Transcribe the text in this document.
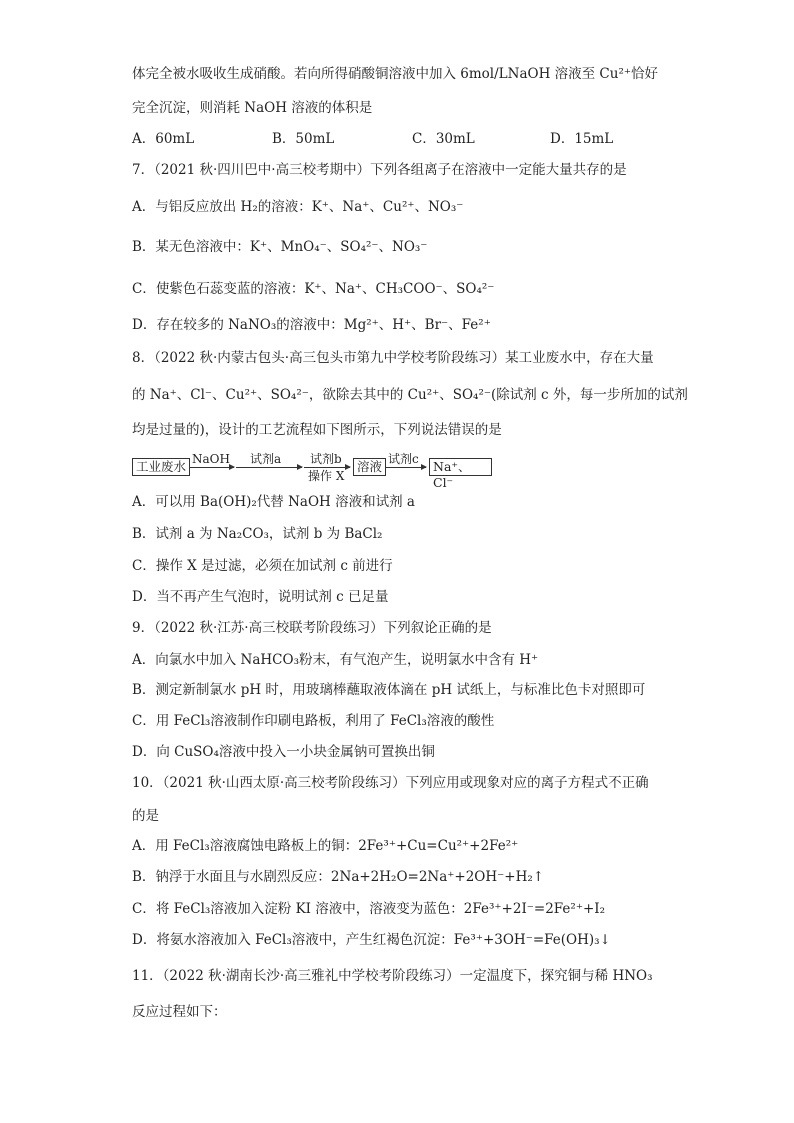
体完全被水吸收生成硝酸。若向所得硝酸铜溶液中加入 6mol/LNaOH 溶液至 Cu²⁺恰好
完全沉淀，则消耗 NaOH 溶液的体积是
A．60mL	B．50mL	C．30mL	D．15mL
7．（2021 秋·四川巴中·高三校考期中）下列各组离子在溶液中一定能大量共存的是
A．与铝反应放出 H₂的溶液：K⁺、Na⁺、Cu²⁺、NO₃⁻
B．某无色溶液中：K⁺、MnO₄⁻、SO₄²⁻、NO₃⁻
C．使紫色石蕊变蓝的溶液：K⁺、Na⁺、CH₃COO⁻、SO₄²⁻
D．存在较多的 NaNO₃的溶液中：Mg²⁺、H⁺、Br⁻、Fe²⁺
8．（2022 秋·内蒙古包头·高三包头市第九中学校考阶段练习）某工业废水中，存在大量
的 Na⁺、Cl⁻、Cu²⁺、SO₄²⁻，欲除去其中的 Cu²⁺、SO₄²⁻(除试剂 c 外，每一步所加的试剂
均是过量的)，设计的工艺流程如下图所示，下列说法错误的是
工业废水 NaOH 试剂a 试剂b
操作 X
溶液 试剂c	Na⁺、Cl⁻
A．可以用 Ba(OH)₂代替 NaOH 溶液和试剂 a
B．试剂 a 为 Na₂CO₃，试剂 b 为 BaCl₂
C．操作 X 是过滤，必须在加试剂 c 前进行
D．当不再产生气泡时，说明试剂 c 已足量
9．（2022 秋·江苏·高三校联考阶段练习）下列叙论正确的是
A．向氯水中加入 NaHCO₃粉末，有气泡产生，说明氯水中含有 H⁺
B．测定新制氯水 pH 时，用玻璃棒蘸取液体滴在 pH 试纸上，与标准比色卡对照即可
C．用 FeCl₃溶液制作印刷电路板，利用了 FeCl₃溶液的酸性
D．向 CuSO₄溶液中投入一小块金属钠可置换出铜
10．（2021 秋·山西太原·高三校考阶段练习）下列应用或现象对应的离子方程式不正确
的是
A．用 FeCl₃溶液腐蚀电路板上的铜：2Fe³⁺+Cu=Cu²⁺+2Fe²⁺
B．钠浮于水面且与水剧烈反应：2Na+2H₂O=2Na⁺+2OH⁻+H₂↑
C．将 FeCl₃溶液加入淀粉 KI 溶液中，溶液变为蓝色：2Fe³⁺+2I⁻=2Fe²⁺+I₂
D．将氨水溶液加入 FeCl₃溶液中，产生红褐色沉淀：Fe³⁺+3OH⁻=Fe(OH)₃↓
11．（2022 秋·湖南长沙·高三雅礼中学校考阶段练习）一定温度下，探究铜与稀 HNO₃
反应过程如下：
